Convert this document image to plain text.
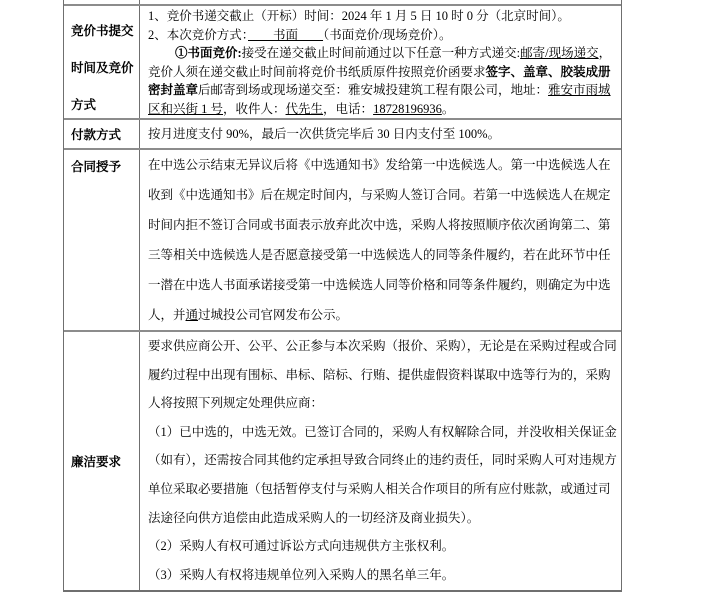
竞价书提交时间及竞价方式
1、竞价书递交截止（开标）时间：2024 年 1 月 5 日 10 时 0 分（北京时间）。
2、本次竞价方式：　　书面　　（书面竞价/现场竞价）。
①书面竞价:接受在递交截止时间前通过以下任意一种方式递交:邮寄/现场递交，
竞价人须在递交截止时间前将竞价书纸质原件按照竞价函要求签字、盖章、胶装成册
密封盖章后邮寄到场或现场递交至：雅安城投建筑工程有限公司，地址：雅安市雨城
区和兴街 1 号，收件人：代先生，电话：18728196936。
付款方式	按月进度支付 90%，最后一次供货完毕后 30 日内支付至 100%。
合同授予	在中选公示结束无异议后将《中选通知书》发给第一中选候选人。第一中选候选人在收到《中选通知书》后在规定时间内，与采购人签订合同。若第一中选候选人在规定时间内拒不签订合同或书面表示放弃此次中选，采购人将按照顺序依次函询第二、第三等相关中选候选人是否愿意接受第一中选候选人的同等条件履约，若在此环节中任一潜在中选人书面承诺接受第一中选候选人同等价格和同等条件履约，则确定为中选人，并通过城投公司官网发布公示。
廉洁要求
要求供应商公开、公平、公正参与本次采购（报价、采购），无论是在采购过程或合同履约过程中出现有围标、串标、陪标、行贿、提供虚假资料谋取中选等行为的，采购人将按照下列规定处理供应商：
（1）已中选的，中选无效。已签订合同的，采购人有权解除合同，并没收相关保证金（如有），还需按合同其他约定承担导致合同终止的违约责任，同时采购人可对违规方单位采取必要措施（包括暂停支付与采购人相关合作项目的所有应付账款，或通过司法途径向供方追偿由此造成采购人的一切经济及商业损失）。
（2）采购人有权可通过诉讼方式向违规供方主张权利。
（3）采购人有权将违规单位列入采购人的黑名单三年。
